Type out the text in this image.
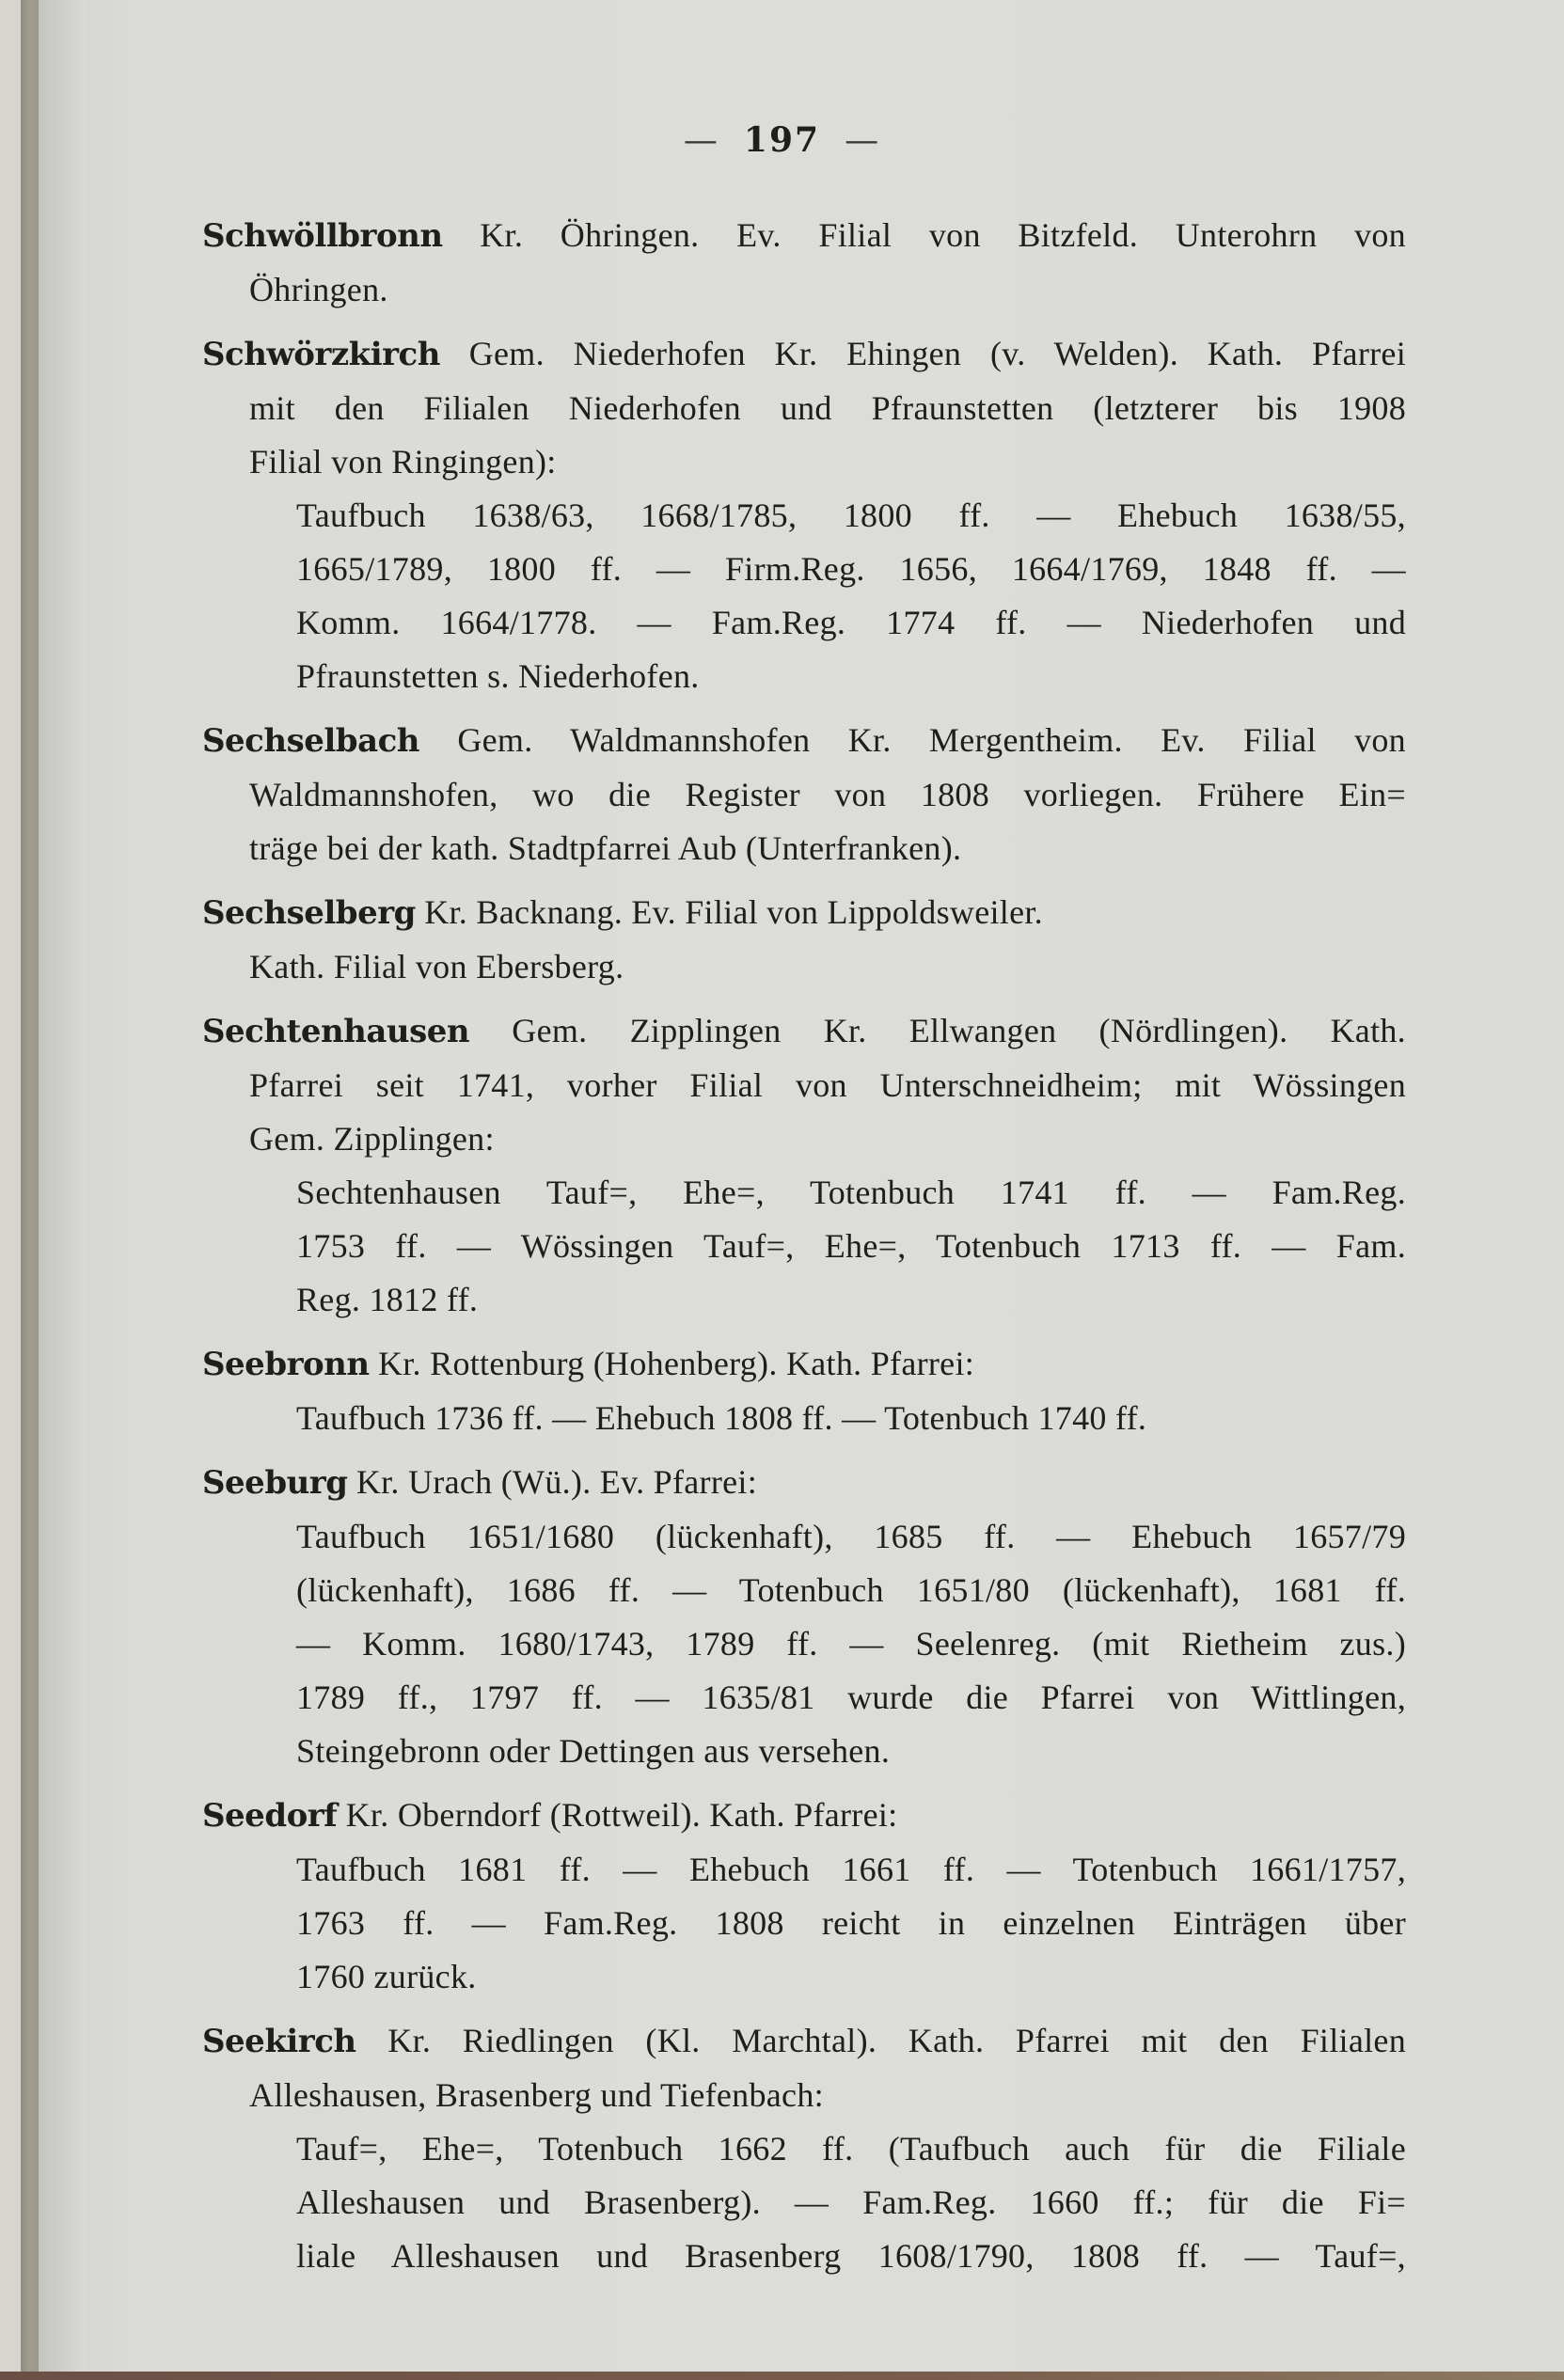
— 197 —
Schwöllbronn Kr. Öhringen. Ev. Filial von Bitzfeld. Unterohrn von
Öhringen.
Schwörzkirch Gem. Niederhofen Kr. Ehingen (v. Welden). Kath. Pfarrei
mit den Filialen Niederhofen und Pfraunstetten (letzterer bis 1908
Filial von Ringingen):
Taufbuch 1638/63, 1668/1785, 1800 ff. — Ehebuch 1638/55,
1665/1789, 1800 ff. — Firm.Reg. 1656, 1664/1769, 1848 ff. —
Komm. 1664/1778. — Fam.Reg. 1774 ff. — Niederhofen und
Pfraunstetten s. Niederhofen.
Sechselbach Gem. Waldmannshofen Kr. Mergentheim. Ev. Filial von
Waldmannshofen, wo die Register von 1808 vorliegen. Frühere Ein=
träge bei der kath. Stadtpfarrei Aub (Unterfranken).
Sechselberg Kr. Backnang. Ev. Filial von Lippoldsweiler.
Kath. Filial von Ebersberg.
Sechtenhausen Gem. Zipplingen Kr. Ellwangen (Nördlingen). Kath.
Pfarrei seit 1741, vorher Filial von Unterschneidheim; mit Wössingen
Gem. Zipplingen:
Sechtenhausen Tauf=, Ehe=, Totenbuch 1741 ff. — Fam.Reg.
1753 ff. — Wössingen Tauf=, Ehe=, Totenbuch 1713 ff. — Fam.
Reg. 1812 ff.
Seebronn Kr. Rottenburg (Hohenberg). Kath. Pfarrei:
Taufbuch 1736 ff. — Ehebuch 1808 ff. — Totenbuch 1740 ff.
Seeburg Kr. Urach (Wü.). Ev. Pfarrei:
Taufbuch 1651/1680 (lückenhaft), 1685 ff. — Ehebuch 1657/79
(lückenhaft), 1686 ff. — Totenbuch 1651/80 (lückenhaft), 1681 ff.
— Komm. 1680/1743, 1789 ff. — Seelenreg. (mit Rietheim zus.)
1789 ff., 1797 ff. — 1635/81 wurde die Pfarrei von Wittlingen,
Steingebronn oder Dettingen aus versehen.
Seedorf Kr. Oberndorf (Rottweil). Kath. Pfarrei:
Taufbuch 1681 ff. — Ehebuch 1661 ff. — Totenbuch 1661/1757,
1763 ff. — Fam.Reg. 1808 reicht in einzelnen Einträgen über
1760 zurück.
Seekirch Kr. Riedlingen (Kl. Marchtal). Kath. Pfarrei mit den Filialen
Alleshausen, Brasenberg und Tiefenbach:
Tauf=, Ehe=, Totenbuch 1662 ff. (Taufbuch auch für die Filiale
Alleshausen und Brasenberg). — Fam.Reg. 1660 ff.; für die Fi=
liale Alleshausen und Brasenberg 1608/1790, 1808 ff. — Tauf=,
